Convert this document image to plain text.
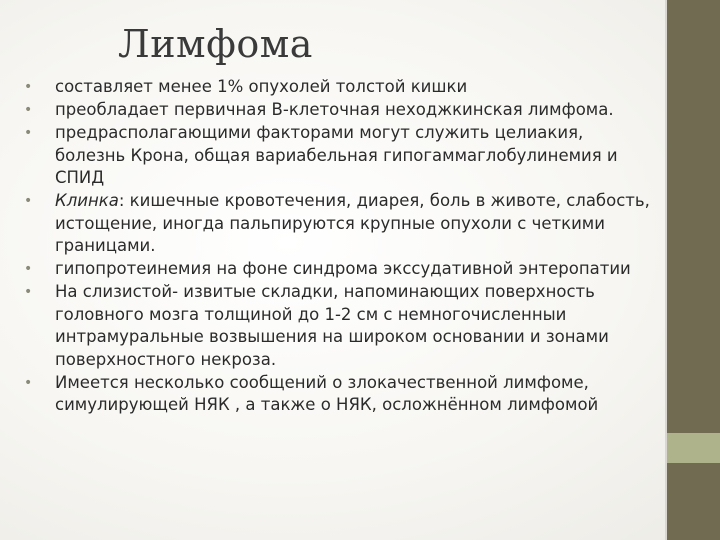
Лимфома
• составляет менее 1% опухолей толстой кишки
• преобладает первичная В-клеточная неходжкинская лимфома.
• предрасполагающими факторами могут служить целиакия, болезнь Крона, общая вариабельная гипогаммаглобулинемия и СПИД
• Клинка: кишечные кровотечения, диарея, боль в животе, слабость, истощение, иногда пальпируются крупные опухоли с четкими границами.
• гипопротеинемия на фоне синдрома экссудативной энтеропатии
• На слизистой- извитые складки, напоминающих поверхность головного мозга толщиной до 1-2 см с немногочисленныи интрамуральные возвышения на широком основании и зонами поверхностного некроза.
• Имеется несколько сообщений о злокачественной лимфоме, симулирующей НЯК , а также о НЯК, осложнённом лимфомой
